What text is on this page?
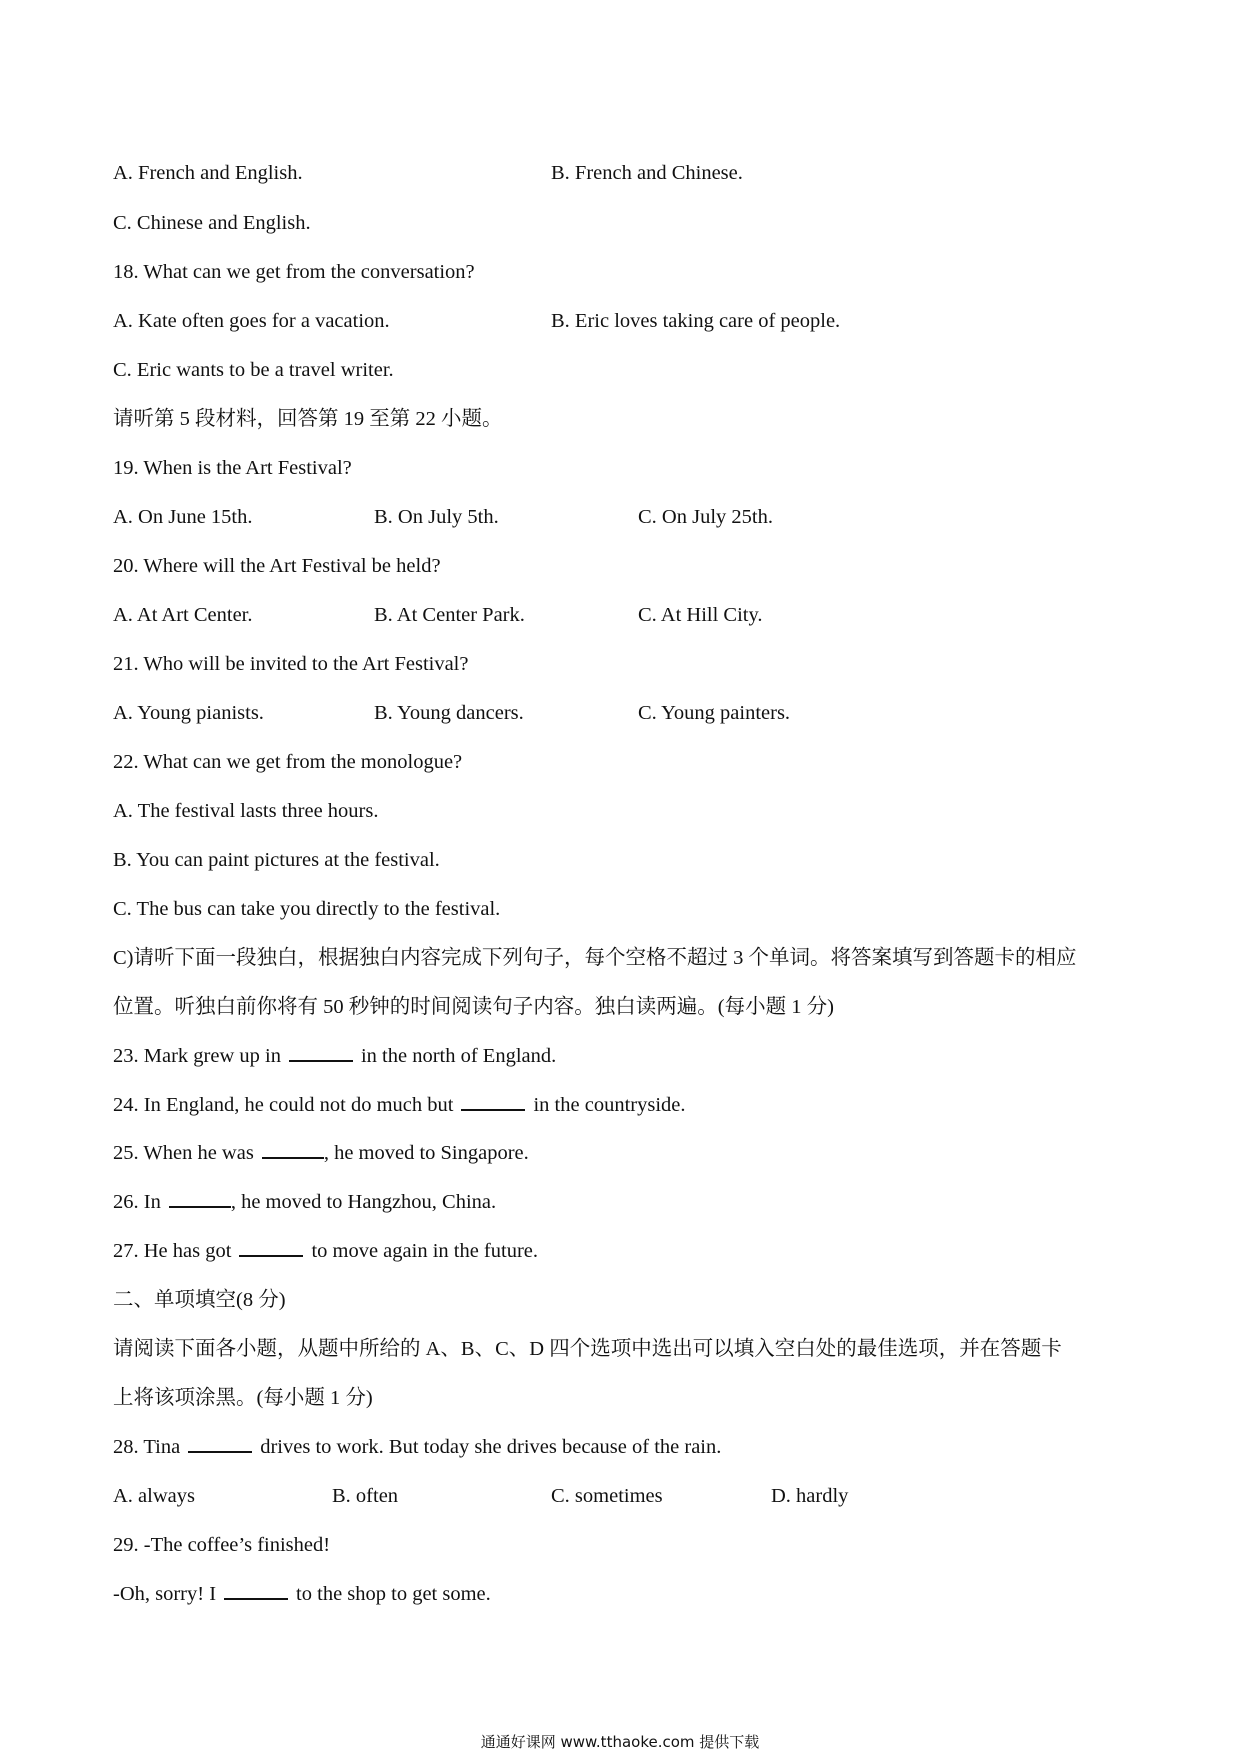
A. French and English.	B. French and Chinese.
C. Chinese and English.
18. What can we get from the conversation?
A. Kate often goes for a vacation.	B. Eric loves taking care of people.
C. Eric wants to be a travel writer.
请听第 5 段材料，回答第 19 至第 22 小题。
19. When is the Art Festival?
A. On June 15th.	B. On July 5th.	C. On July 25th.
20. Where will the Art Festival be held?
A. At Art Center.	B. At Center Park.	C. At Hill City.
21. Who will be invited to the Art Festival?
A. Young pianists.	B. Young dancers.	C. Young painters.
22. What can we get from the monologue?
A. The festival lasts three hours.
B. You can paint pictures at the festival.
C. The bus can take you directly to the festival.
C)请听下面一段独白，根据独白内容完成下列句子，每个空格不超过 3 个单词。将答案填写到答题卡的相应
位置。听独白前你将有 50 秒钟的时间阅读句子内容。独白读两遍。(每小题 1 分)
23. Mark grew up in	in the north of England.
24. In England, he could not do much but	in the countryside.
25. When he was	, he moved to Singapore.
26. In	, he moved to Hangzhou, China.
27. He has got	to move again in the future.
二、单项填空(8 分)
请阅读下面各小题，从题中所给的 A、B、C、D 四个选项中选出可以填入空白处的最佳选项，并在答题卡
上将该项涂黑。(每小题 1 分)
28. Tina	drives to work. But today she drives because of the rain.
A. always	B. often	C. sometimes	D. hardly
29. -The coffee’s finished!
-Oh, sorry! I	to the shop to get some.
通通好课网 www.tthaoke.com 提供下载
